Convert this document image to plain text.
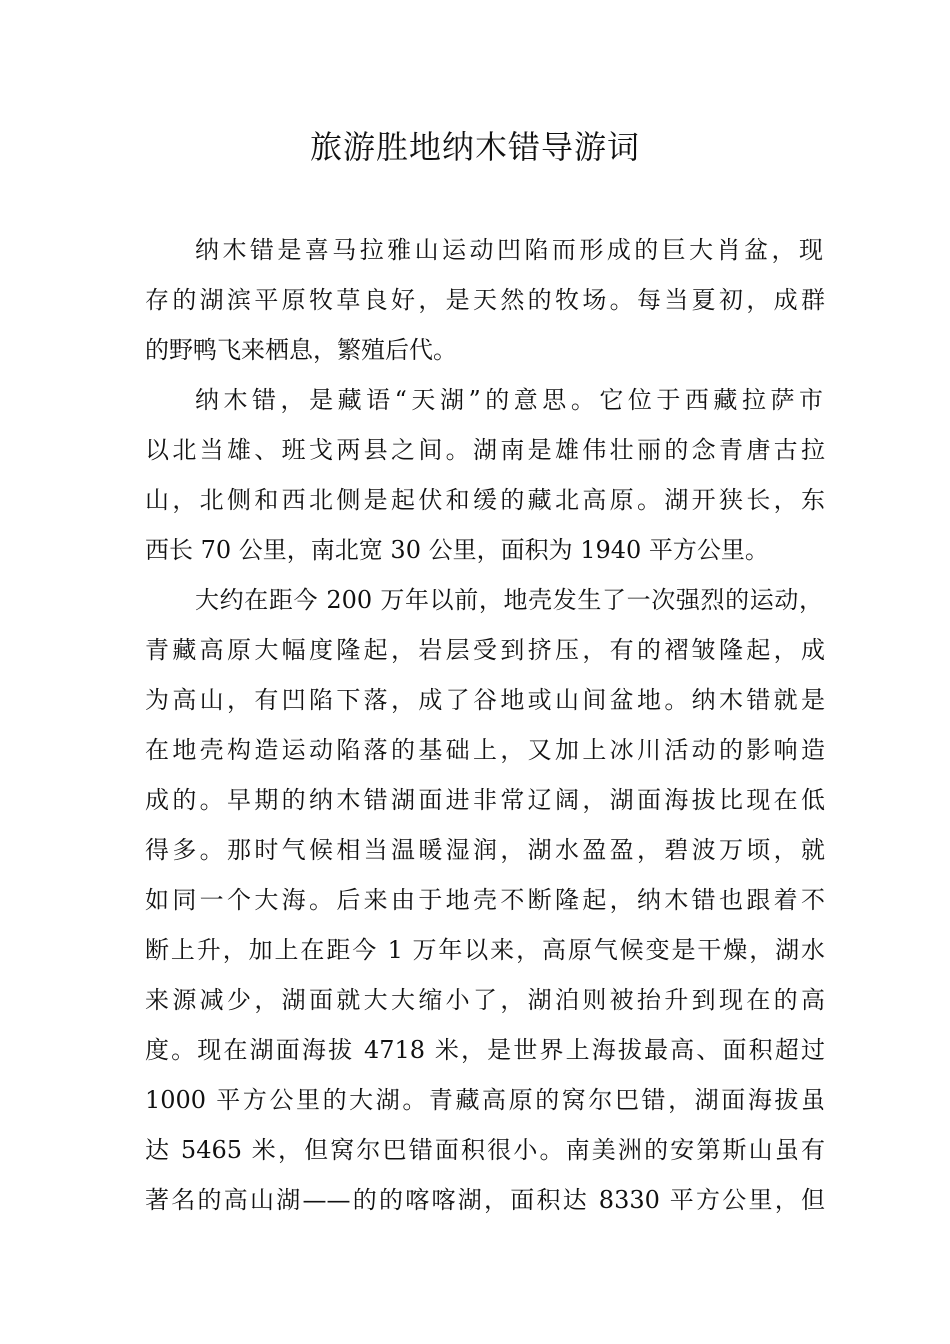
旅游胜地纳木错导游词
纳木错是喜马拉雅山运动凹陷而形成的巨大肖盆，现
存的湖滨平原牧草良好，是天然的牧场。每当夏初，成群
的野鸭飞来栖息，繁殖后代。
纳木错，是藏语“天湖”的意思。它位于西藏拉萨市
以北当雄、班戈两县之间。湖南是雄伟壮丽的念青唐古拉
山，北侧和西北侧是起伏和缓的藏北高原。湖开狭长，东
西长 70 公里，南北宽 30 公里，面积为 1940 平方公里。
大约在距今 200 万年以前，地壳发生了一次强烈的运动，
青藏高原大幅度隆起，岩层受到挤压，有的褶皱隆起，成
为高山，有凹陷下落，成了谷地或山间盆地。纳木错就是
在地壳构造运动陷落的基础上，又加上冰川活动的影响造
成的。早期的纳木错湖面进非常辽阔，湖面海拔比现在低
得多。那时气候相当温暖湿润，湖水盈盈，碧波万顷，就
如同一个大海。后来由于地壳不断隆起，纳木错也跟着不
断上升，加上在距今 1 万年以来，高原气候变是干燥，湖水
来源减少，湖面就大大缩小了，湖泊则被抬升到现在的高
度。现在湖面海拔 4718 米，是世界上海拔最高、面积超过
1000 平方公里的大湖。青藏高原的窝尔巴错，湖面海拔虽
达 5465 米，但窝尔巴错面积很小。南美洲的安第斯山虽有
著名的高山湖——的的喀喀湖，面积达 8330 平方公里，但
